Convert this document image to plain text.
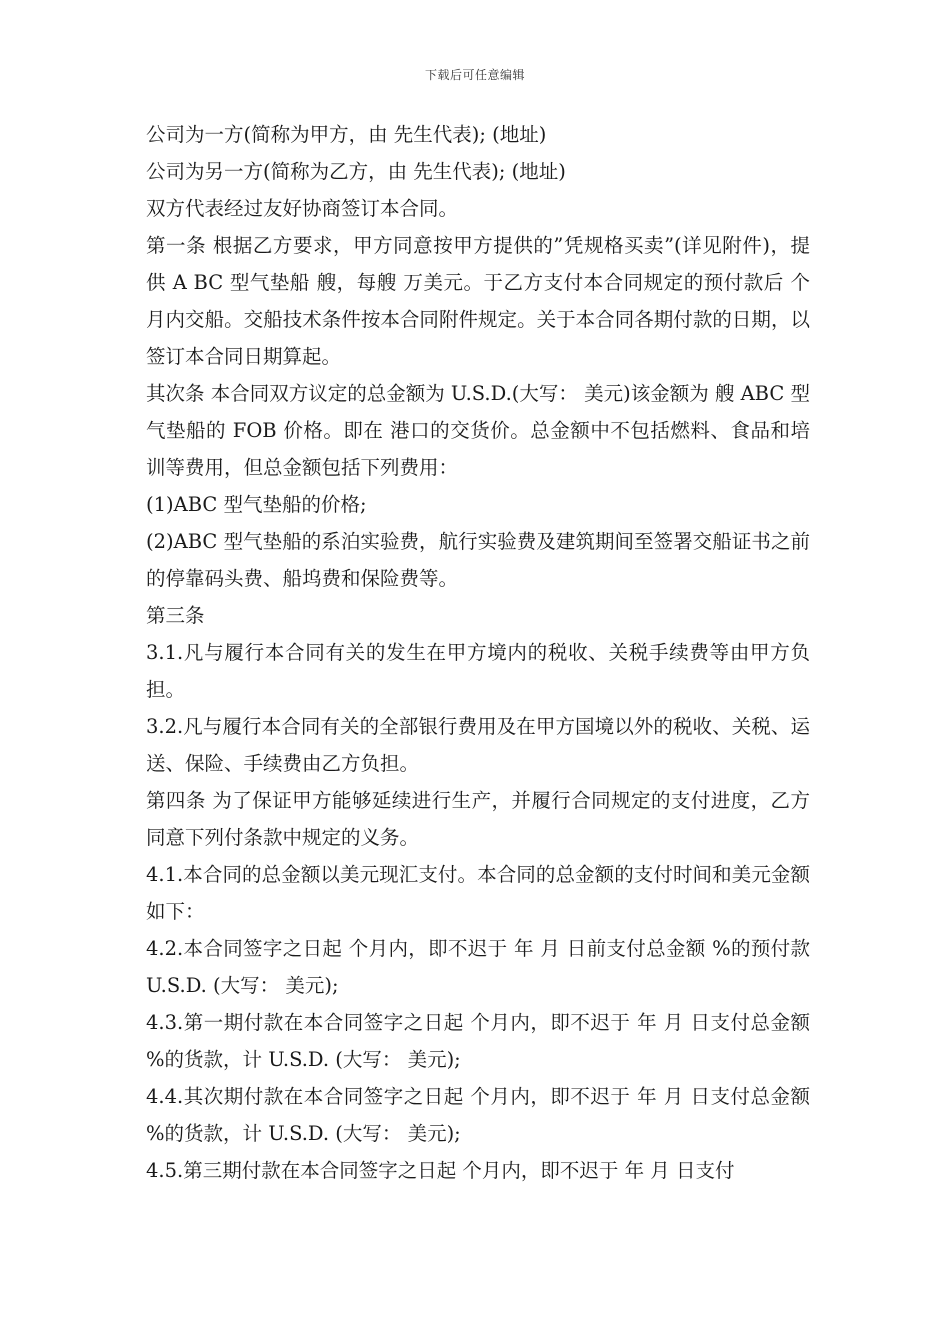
下载后可任意编辑

公司为一方(简称为甲方，由 先生代表); (地址)

公司为另一方(简称为乙方，由 先生代表); (地址)

双方代表经过友好协商签订本合同。

第一条 根据乙方要求，甲方同意按甲方提供的”凭规格买卖”(详见附件)，提供 A BC 型气垫船 艘，每艘 万美元。于乙方支付本合同规定的预付款后 个月内交船。交船技术条件按本合同附件规定。关于本合同各期付款的日期，以签订本合同日期算起。

其次条 本合同双方议定的总金额为 U.S.D.(大写： 美元)该金额为 艘 ABC 型气垫船的 FOB 价格。即在 港口的交货价。总金额中不包括燃料、食品和培训等费用，但总金额包括下列费用：

(1)ABC 型气垫船的价格;

(2)ABC 型气垫船的系泊实验费，航行实验费及建筑期间至签署交船证书之前的停靠码头费、船坞费和保险费等。

第三条

3.1.凡与履行本合同有关的发生在甲方境内的税收、关税手续费等由甲方负担。

3.2.凡与履行本合同有关的全部银行费用及在甲方国境以外的税收、关税、运送、保险、手续费由乙方负担。

第四条 为了保证甲方能够延续进行生产，并履行合同规定的支付进度，乙方同意下列付条款中规定的义务。

4.1.本合同的总金额以美元现汇支付。本合同的总金额的支付时间和美元金额如下：

4.2.本合同签字之日起 个月内，即不迟于 年 月 日前支付总金额 %的预付款 U.S.D. (大写： 美元);

4.3.第一期付款在本合同签字之日起 个月内，即不迟于 年 月 日支付总金额 %的货款，计 U.S.D. (大写： 美元);

4.4.其次期付款在本合同签字之日起 个月内，即不迟于 年 月 日支付总金额 %的货款，计 U.S.D. (大写： 美元);

4.5.第三期付款在本合同签字之日起 个月内，即不迟于 年 月 日支付
